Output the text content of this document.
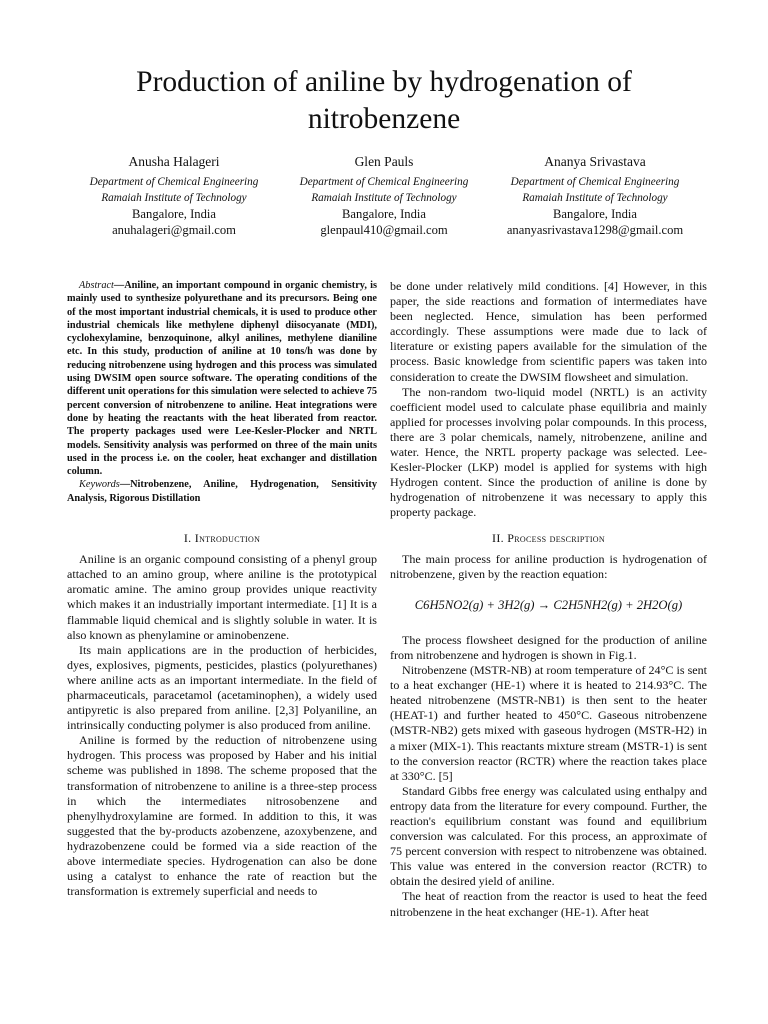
Production of aniline by hydrogenation of nitrobenzene
Anusha Halageri
Department of Chemical Engineering
Ramaiah Institute of Technology
Bangalore, India
anuhalageri@gmail.com
Glen Pauls
Department of Chemical Engineering
Ramaiah Institute of Technology
Bangalore, India
glenpaul410@gmail.com
Ananya Srivastava
Department of Chemical Engineering
Ramaiah Institute of Technology
Bangalore, India
ananyasrivastava1298@gmail.com

Abstract—Aniline, an important compound in organic chemistry, is mainly used to synthesize polyurethane and its precursors. Being one of the most important industrial chemicals, it is used to produce other industrial chemicals like methylene diphenyl diisocyanate (MDI), cyclohexylamine, benzoquinone, alkyl anilines, methylene dianiline etc. In this study, production of aniline at 10 tons/h was done by reducing nitrobenzene using hydrogen and this process was simulated using DWSIM open source software. The operating conditions of the different unit operations for this simulation were selected to achieve 75 percent conversion of nitrobenzene to aniline. Heat integrations were done by heating the reactants with the heat liberated from reactor. The property packages used were Lee-Kesler-Plocker and NRTL models. Sensitivity analysis was performed on three of the main units used in the process i.e. on the cooler, heat exchanger and distillation column.

Keywords—Nitrobenzene, Aniline, Hydrogenation, Sensitivity Analysis, Rigorous Distillation

I. Introduction

Aniline is an organic compound consisting of a phenyl group attached to an amino group, where aniline is the prototypical aromatic amine. The amino group provides unique reactivity which makes it an industrially important intermediate. [1] It is a flammable liquid chemical and is slightly soluble in water. It is also known as phenylamine or aminobenzene.

Its main applications are in the production of herbicides, dyes, explosives, pigments, pesticides, plastics (polyurethanes) where aniline acts as an important intermediate. In the field of pharmaceuticals, paracetamol (acetaminophen), a widely used antipyretic is also prepared from aniline. [2,3] Polyaniline, an intrinsically conducting polymer is also produced from aniline.

Aniline is formed by the reduction of nitrobenzene using hydrogen. This process was proposed by Haber and his initial scheme was published in 1898. The scheme proposed that the transformation of nitrobenzene to aniline is a three-step process in which the intermediates nitrosobenzene and phenylhydroxylamine are formed. In addition to this, it was suggested that the by-products azobenzene, azoxybenzene, and hydrazobenzene could be formed via a side reaction of the above intermediate species. Hydrogenation can also be done using a catalyst to enhance the rate of reaction but the transformation is extremely superficial and needs to

be done under relatively mild conditions. [4] However, in this paper, the side reactions and formation of intermediates have been neglected. Hence, simulation has been performed accordingly. These assumptions were made due to lack of literature or existing papers available for the simulation of the process. Basic knowledge from scientific papers was taken into consideration to create the DWSIM flowsheet and simulation.

The non-random two-liquid model (NRTL) is an activity coefficient model used to calculate phase equilibria and mainly applied for processes involving polar compounds. In this process, there are 3 polar chemicals, namely, nitrobenzene, aniline and water. Hence, the NRTL property package was selected. Lee-Kesler-Plocker (LKP) model is applied for systems with high Hydrogen content. Since the production of aniline is done by hydrogenation of nitrobenzene it was necessary to apply this property package.

II. Process description

The main process for aniline production is hydrogenation of nitrobenzene, given by the reaction equation:

C6H5NO2(g) + 3H2(g) → C2H5NH2(g) + 2H2O(g)

The process flowsheet designed for the production of aniline from nitrobenzene and hydrogen is shown in Fig.1.

Nitrobenzene (MSTR-NB) at room temperature of 24°C is sent to a heat exchanger (HE-1) where it is heated to 214.93°C. The heated nitrobenzene (MSTR-NB1) is then sent to the heater (HEAT-1) and further heated to 450°C. Gaseous nitrobenzene (MSTR-NB2) gets mixed with gaseous hydrogen (MSTR-H2) in a mixer (MIX-1). This reactants mixture stream (MSTR-1) is sent to the conversion reactor (RCTR) where the reaction takes place at 330°C. [5]

Standard Gibbs free energy was calculated using enthalpy and entropy data from the literature for every compound. Further, the reaction's equilibrium constant was found and equilibrium conversion was calculated. For this process, an approximate of 75 percent conversion with respect to nitrobenzene was obtained. This value was entered in the conversion reactor (RCTR) to obtain the desired yield of aniline.

The heat of reaction from the reactor is used to heat the feed nitrobenzene in the heat exchanger (HE-1). After heat
